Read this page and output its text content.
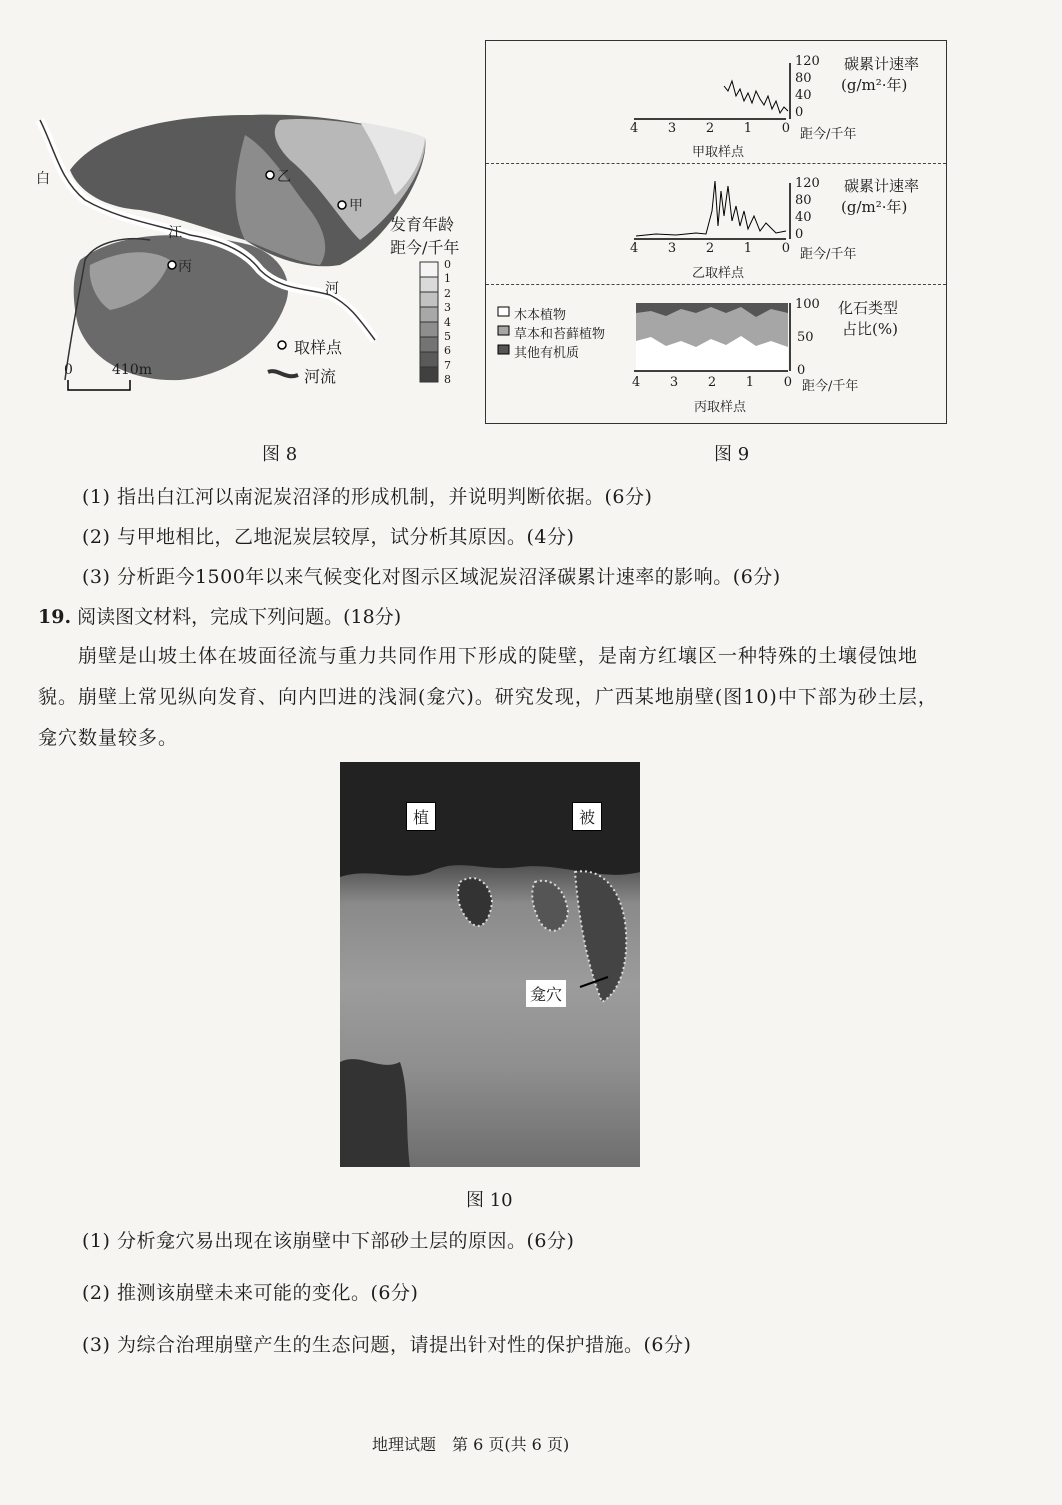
白
江
河
乙
甲
丙
发育年龄
距今/千年
0
1
2
3
4
5
6
7
8
取样点
河流
0	410m
图 8
120
80
40
0
碳累计速率
(g/m²·年)
4 3 2 1 0 距今/千年
甲取样点
120
80
40
0
碳累计速率
(g/m²·年)
4 3 2 1 0 距今/千年
乙取样点
木本植物
草本和苔藓植物
其他有机质
100
50
0
化石类型
占比(%)
4 3 2 1 0 距今/千年
丙取样点
图 9
(1) 指出白江河以南泥炭沼泽的形成机制，并说明判断依据。(6分)
(2) 与甲地相比，乙地泥炭层较厚，试分析其原因。(4分)
(3) 分析距今1500年以来气候变化对图示区域泥炭沼泽碳累计速率的影响。(6分)
19. 阅读图文材料，完成下列问题。(18分)
崩壁是山坡土体在坡面径流与重力共同作用下形成的陡壁，是南方红壤区一种特殊的土壤侵蚀地貌。崩壁上常见纵向发育、向内凹进的浅洞(龛穴)。研究发现，广西某地崩壁(图10)中下部为砂土层，龛穴数量较多。
植	被
龛穴
图 10
(1) 分析龛穴易出现在该崩壁中下部砂土层的原因。(6分)
(2) 推测该崩壁未来可能的变化。(6分)
(3) 为综合治理崩壁产生的生态问题，请提出针对性的保护措施。(6分)
地理试题　第 6 页(共 6 页)
